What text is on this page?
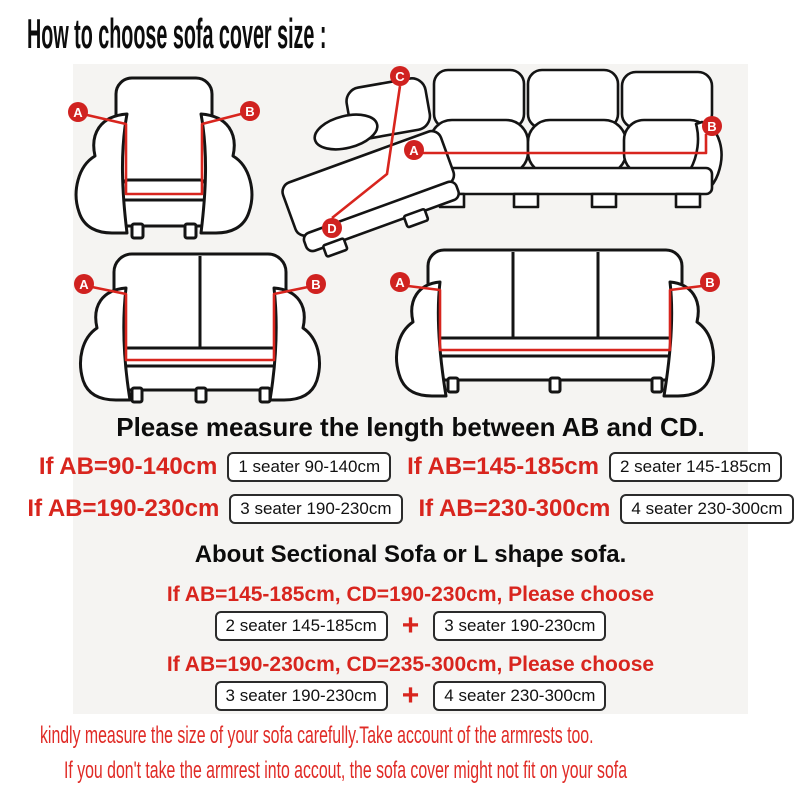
How to choose sofa cover size :
A	B
C
D
A
B
A	B	A	B
Please measure the length between AB and CD.
If AB=90-140cm	1 seater 90-140cm	If AB=145-185cm	2 seater 145-185cm
If AB=190-230cm	3 seater 190-230cm	If AB=230-300cm	4 seater 230-300cm
About Sectional Sofa or L shape sofa.
If AB=145-185cm, CD=190-230cm, Please choose
2 seater 145-185cm +	3 seater 190-230cm
If AB=190-230cm, CD=235-300cm, Please choose
3 seater 190-230cm +	4 seater 230-300cm
kindly measure the size of your sofa carefully.Take account of the armrests too.
If you don't take the armrest into accout, the sofa cover might not fit on your sofa
